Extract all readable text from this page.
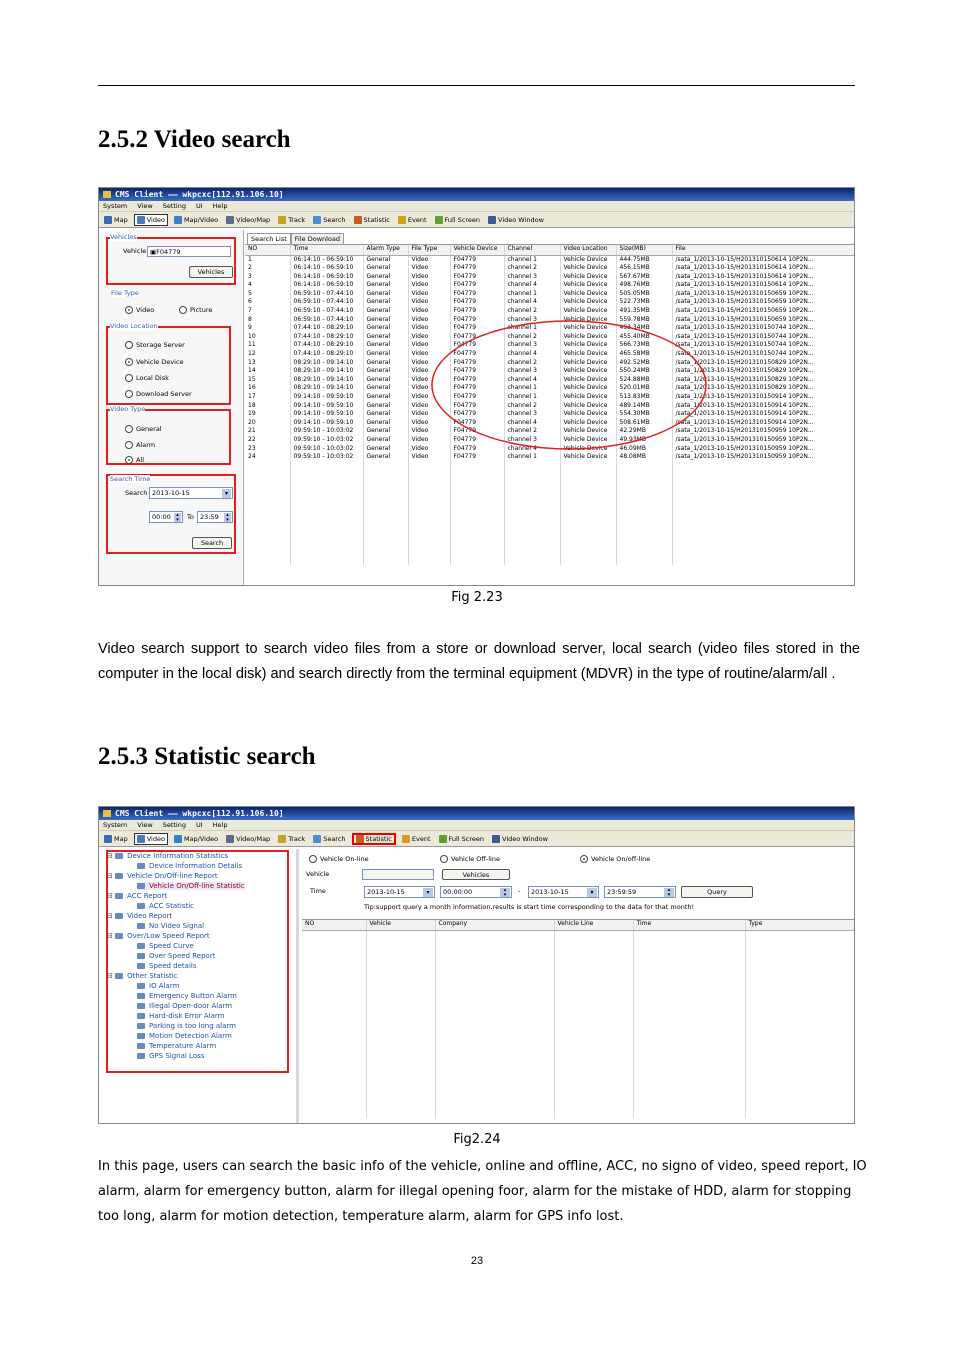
2.5.2 Video search
CMS Client —— wkpcxc[112.91.106.10]
System View Setting UI Help
Map	Video	Map/Video	Video/Map	Track	Search	Statistic	Event	Full Screen	Video Window
Vehicles
Vehicle ▣F04779
Vehicles
File Type
Video	Picture
Video Location
Storage Server
Vehicle Device
Local Disk
Download Server
Video Type
General
Alarm
All
Search Time
Search 2013-10-15	▾
00:00	▴
▾	To 23:59	▴
▾
Search
Search List	File Download
NO	Time	Alarm Type	File Type	Vehicle Device	Channel	Video Location	Size(MB)	File
1	06:14:10 - 06:59:10	General	Video	F04779	channel 1	Vehicle Device	444.75MB	/sata_1/2013-10-15/H201310150614 10P2N...
2	06:14:10 - 06:59:10	General	Video	F04779	channel 2	Vehicle Device	456.15MB	/sata_1/2013-10-15/H201310150614 10P2N...
3	06:14:10 - 06:59:10	General	Video	F04779	channel 3	Vehicle Device	567.67MB	/sata_1/2013-10-15/H201310150614 10P2N...
4	06:14:10 - 06:59:10	General	Video	F04779	channel 4	Vehicle Device	498.76MB	/sata_1/2013-10-15/H201310150614 10P2N...
5	06:59:10 - 07:44:10	General	Video	F04779	channel 1	Vehicle Device	505.05MB	/sata_1/2013-10-15/H201310150659 10P2N...
6	06:59:10 - 07:44:10	General	Video	F04779	channel 4	Vehicle Device	522.73MB	/sata_1/2013-10-15/H201310150659 10P2N...
7	06:59:10 - 07:44:10	General	Video	F04779	channel 2	Vehicle Device	491.35MB	/sata_1/2013-10-15/H201310150659 10P2N...
8	06:59:10 - 07:44:10	General	Video	F04779	channel 3	Vehicle Device	559.78MB	/sata_1/2013-10-15/H201310150659 10P2N...
9	07:44:10 - 08:29:10	General	Video	F04779	channel 1	Vehicle Device	493.34MB	/sata_1/2013-10-15/H201310150744 10P2N...
10	07:44:10 - 08:29:10	General	Video	F04779	channel 2	Vehicle Device	455.40MB	/sata_1/2013-10-15/H201310150744 10P2N...
11	07:44:10 - 08:29:10	General	Video	F04779	channel 3	Vehicle Device	566.73MB	/sata_1/2013-10-15/H201310150744 10P2N...
12	07:44:10 - 08:29:10	General	Video	F04779	channel 4	Vehicle Device	465.58MB	/sata_1/2013-10-15/H201310150744 10P2N...
13	08:29:10 - 09:14:10	General	Video	F04779	channel 2	Vehicle Device	492.52MB	/sata_1/2013-10-15/H201310150829 10P2N...
14	08:29:10 - 09:14:10	General	Video	F04779	channel 3	Vehicle Device	550.24MB	/sata_1/2013-10-15/H201310150829 10P2N...
15	08:29:10 - 09:14:10	General	Video	F04779	channel 4	Vehicle Device	524.88MB	/sata_1/2013-10-15/H201310150829 10P2N...
16	08:29:10 - 09:14:10	General	Video	F04779	channel 1	Vehicle Device	520.01MB	/sata_1/2013-10-15/H201310150829 10P2N...
17	09:14:10 - 09:59:10	General	Video	F04779	channel 1	Vehicle Device	513.83MB	/sata_1/2013-10-15/H201310150914 10P2N...
18	09:14:10 - 09:59:10	General	Video	F04779	channel 2	Vehicle Device	489.14MB	/sata_1/2013-10-15/H201310150914 10P2N...
19	09:14:10 - 09:59:10	General	Video	F04779	channel 3	Vehicle Device	554.30MB	/sata_1/2013-10-15/H201310150914 10P2N...
20	09:14:10 - 09:59:10	General	Video	F04779	channel 4	Vehicle Device	508.61MB	/sata_1/2013-10-15/H201310150914 10P2N...
21	09:59:10 - 10:03:02	General	Video	F04779	channel 2	Vehicle Device	42.29MB	/sata_1/2013-10-15/H201310150959 10P2N...
22	09:59:10 - 10:03:02	General	Video	F04779	channel 3	Vehicle Device	49.93MB	/sata_1/2013-10-15/H201310150959 10P2N...
23	09:59:10 - 10:03:02	General	Video	F04779	channel 4	Vehicle Device	46.09MB	/sata_1/2013-10-15/H201310150959 10P2N...
24	09:59:10 - 10:03:02	General	Video	F04779	channel 1	Vehicle Device	48.08MB	/sata_1/2013-10-15/H201310150959 10P2N...

Fig 2.23
Video search support to search video files from a store or download server, local search (video files stored in the computer in the local disk) and search directly from the terminal equipment (MDVR) in the type of routine/alarm/all .
2.5.3 Statistic search
CMS Client —— wkpcxc[112.91.106.10]
System View Setting UI Help
Map	Video	Map/Video	Video/Map	Track	Search	Statistic	Event	Full Screen	Video Window
⊟ Device Information Statistics
Device Information Details
⊟ Vehicle On/Off-line Report
Vehicle On/Off-line Statistic
⊟ ACC Report
ACC Statistic
⊟ Video Report
No Video Signal
⊟ Over/Low Speed Report
Speed Curve
Over Speed Report
Speed details
⊟ Other Statistic
IO Alarm
Emergency Button Alarm
Illegal Open-door Alarm
Hard-disk Error Alarm
Parking is too long alarm
Motion Detection Alarm
Temperature Alarm
GPS Signal Loss
Vehicle On-line	Vehicle Off-line	Vehicle On/off-line
Vehicle	Vehicles
Time	2013-10-15	▾	00:00:00	▴
▾	-	2013-10-15	▾	23:59:59	▴
▾	Query
Tip:support query a month information,results is start time corresponding to the data for that month!
NO	Vehicle	Company	Vehicle Line	Time	Type

Fig2.24
In this page, users can search the basic info of the vehicle, online and offline, ACC, no signo of video, speed report, IO alarm, alarm for emergency button, alarm for illegal opening foor, alarm for the mistake of HDD, alarm for stopping too long, alarm for motion detection, temperature alarm, alarm for GPS info lost.
23
